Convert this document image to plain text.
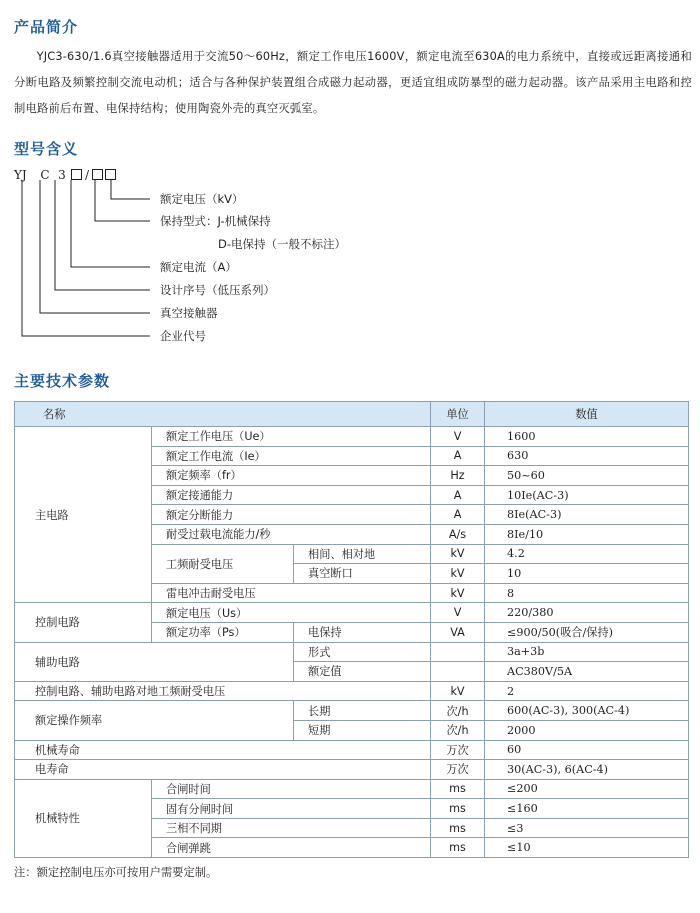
产品简介
YJC3-630/1.6真空接触器适用于交流50～60Hz，额定工作电压1600V，额定电流至630A的电力系统中，直接或远距离接通和分断电路及频繁控制交流电动机；适合与各种保护装置组合成磁力起动器，更适宜组成防暴型的磁力起动器。该产品采用主电路和控制电路前后布置、电保持结构；使用陶瓷外壳的真空灭弧室。
型号含义
YJ C 3 /
额定电压（kV）
保持型式：J-机械保持
D-电保持（一般不标注）
额定电流（A）
设计序号（低压系列）
真空接触器
企业代号
主要技术参数
名称			单位	数值
主电路	额定工作电压（Ue）		V	1600
	额定工作电流（Ie）		A	630
	额定频率（fr）		Hz	50~60
	额定接通能力		A	10Ie(AC-3)
	额定分断能力		A	8Ie(AC-3)
	耐受过载电流能力/秒		A/s	8Ie/10
	工频耐受电压	相间、相对地	kV	4.2
		真空断口	kV	10
	雷电冲击耐受电压		kV	8
控制电路	额定电压（Us）		V	220/380
	额定功率（Ps）	电保持	VA	≤900/50(吸合/保持)
辅助电路		形式		3a+3b
		额定值		AC380V/5A
控制电路、辅助电路对地工频耐受电压			kV	2
额定操作频率		长期	次/h	600(AC-3), 300(AC-4)
		短期	次/h	2000
机械寿命			万次	60
电寿命			万次	30(AC-3), 6(AC-4)
机械特性	合闸时间		ms	≤200
	固有分闸时间		ms	≤160
	三相不同期		ms	≤3
	合闸弹跳		ms	≤10
注：额定控制电压亦可按用户需要定制。
